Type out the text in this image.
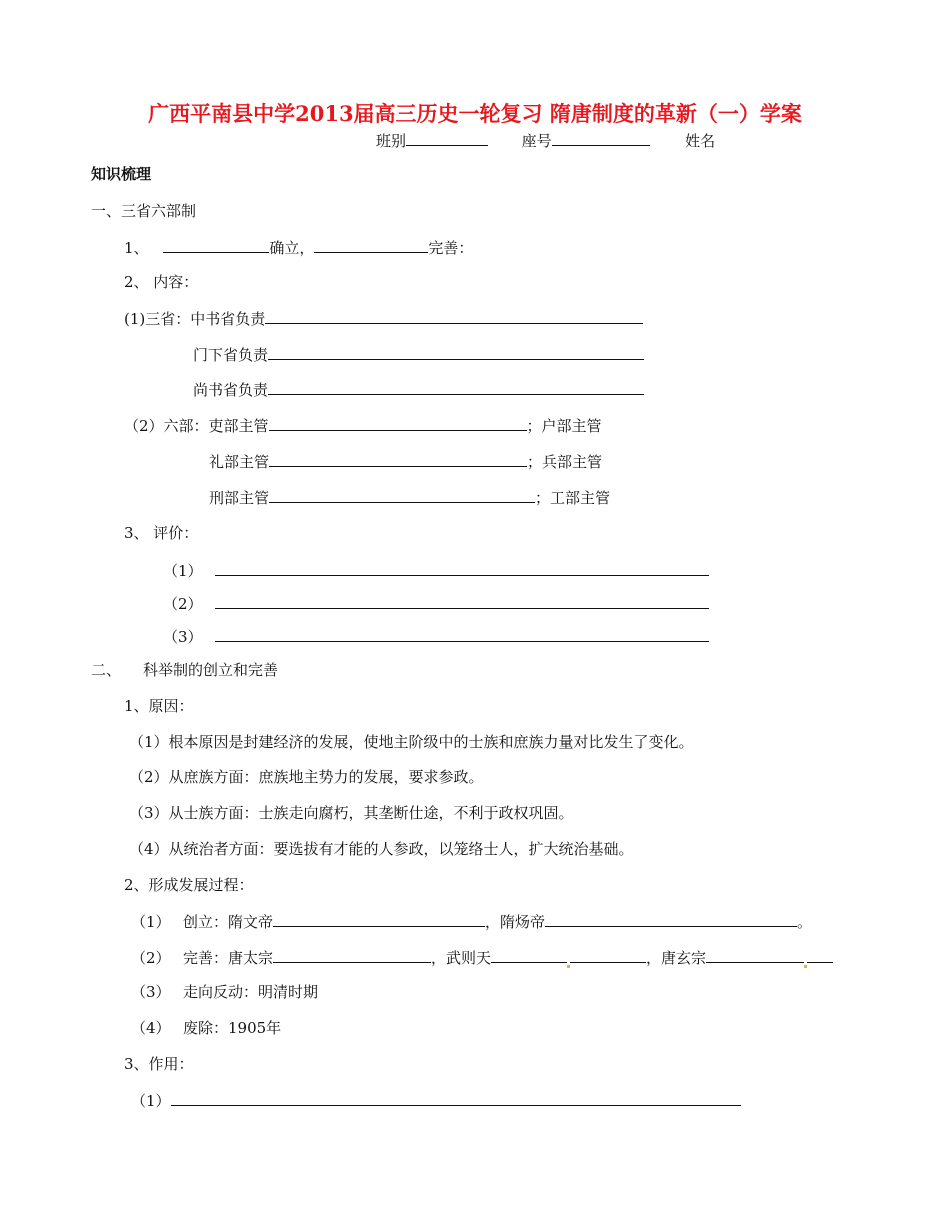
广西平南县中学2013届高三历史一轮复习 隋唐制度的革新（一）学案
班别	座号	姓名
知识梳理
一、三省六部制
1、	确立，	完善：
2、 内容：
(1)三省：中书省负责
门下省负责
尚书省负责
（2）六部：吏部主管	；户部主管
礼部主管	；兵部主管
刑部主管	；工部主管
3、 评价：
（1）
（2）
（3）
二、 科举制的创立和完善
1、原因：
（1）根本原因是封建经济的发展，使地主阶级中的士族和庶族力量对比发生了变化。
（2）从庶族方面：庶族地主势力的发展，要求参政。
（3）从士族方面：士族走向腐朽，其垄断仕途，不利于政权巩固。
（4）从统治者方面：要选拔有才能的人参政，以笼络士人，扩大统治基础。
2、形成发展过程：
（1） 创立：隋文帝	，隋炀帝	。
（2） 完善：唐太宗	，武则天	，唐玄宗
（3） 走向反动：明清时期
（4） 废除：1905年
3、作用：
（1）
